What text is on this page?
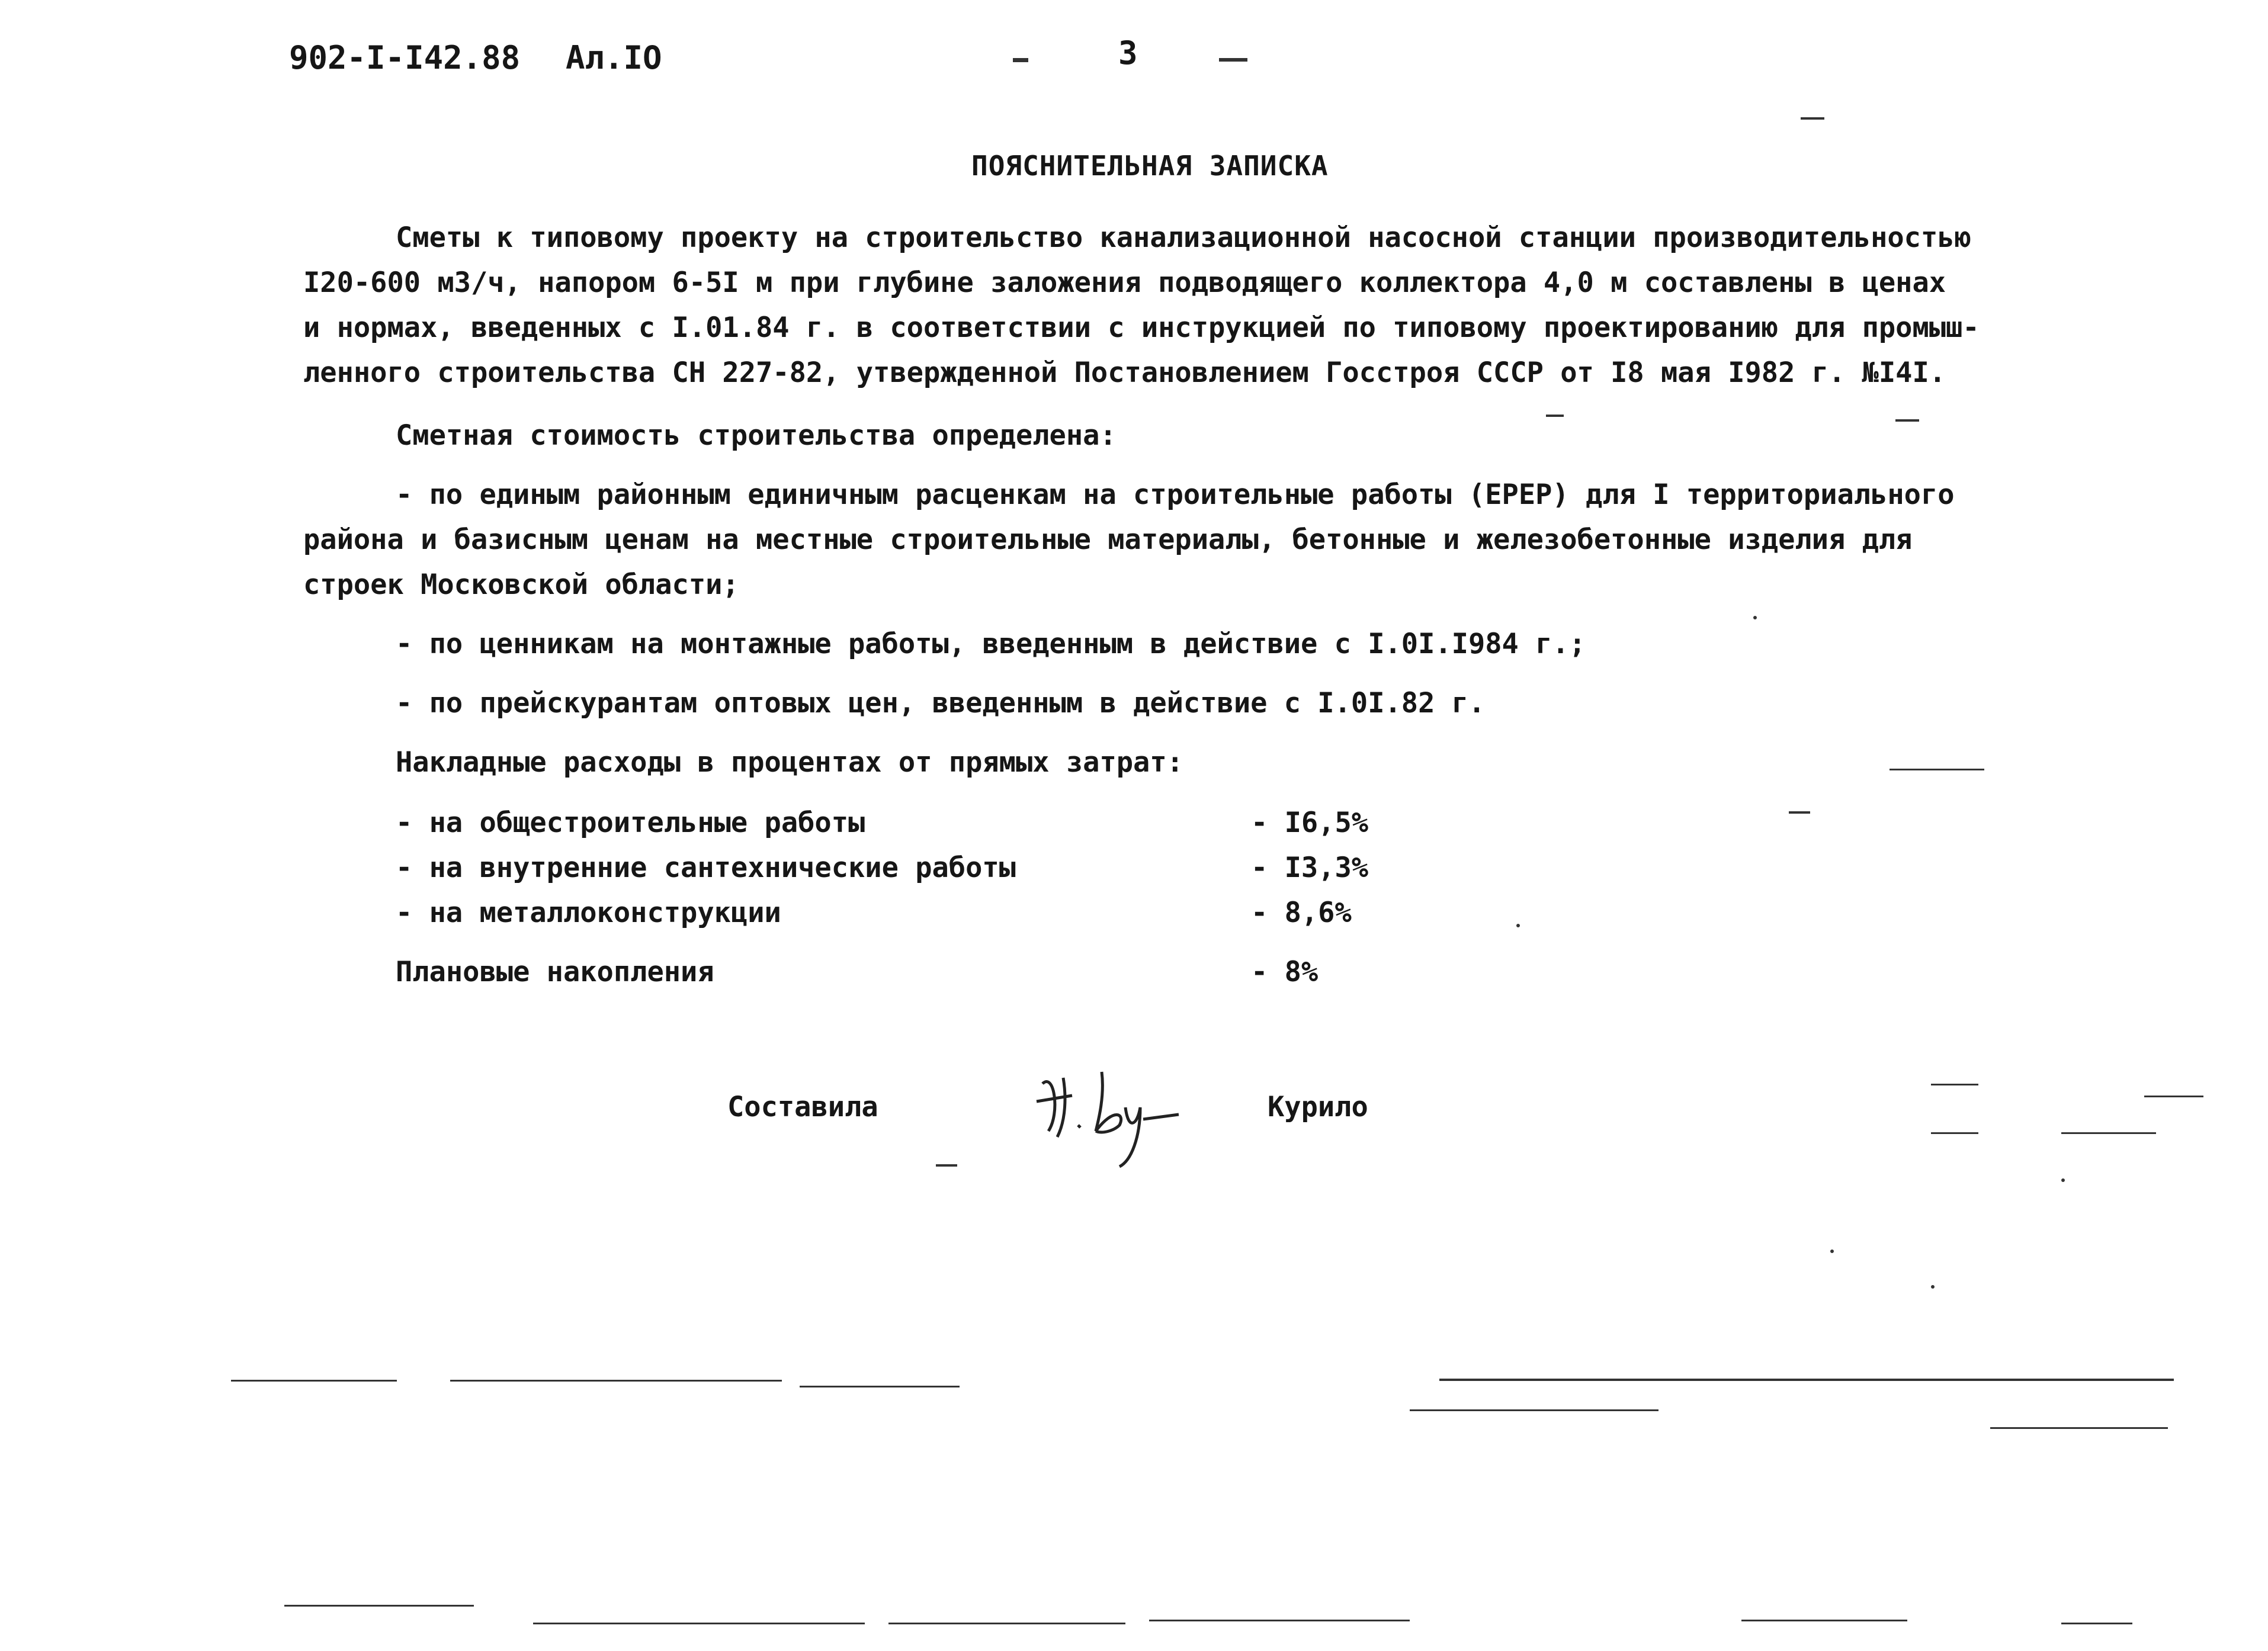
902-I-I42.88 Ал.IO	3
ПОЯСНИТЕЛЬНАЯ ЗАПИСКА
Сметы к типовому проекту на строительство канализационной насосной станции производительностью
I20-600 м3/ч, напором 6-5I м при глубине заложения подводящего коллектора 4,0 м составлены в ценах
и нормах, введенных с I.01.84 г. в соответствии с инструкцией по типовому проектированию для промыш-
ленного строительства СН 227-82, утвержденной Постановлением Госстроя СССР от I8 мая I982 г. №I4I.
Сметная стоимость строительства определена:
- по единым районным единичным расценкам на строительные работы (ЕРЕР) для I территориального
района и базисным ценам на местные строительные материалы, бетонные и железобетонные изделия для
строек Московской области;
- по ценникам на монтажные работы, введенным в действие с I.0I.I984 г.;
- по прейскурантам оптовых цен, введенным в действие с I.0I.82 г.
Накладные расходы в процентах от прямых затрат:
- на общестроительные работы	- I6,5%
- на внутренние сантехнические работы	- I3,3%
- на металлоконструкции	- 8,6%
Плановые накопления	- 8%
Составила	Курило
